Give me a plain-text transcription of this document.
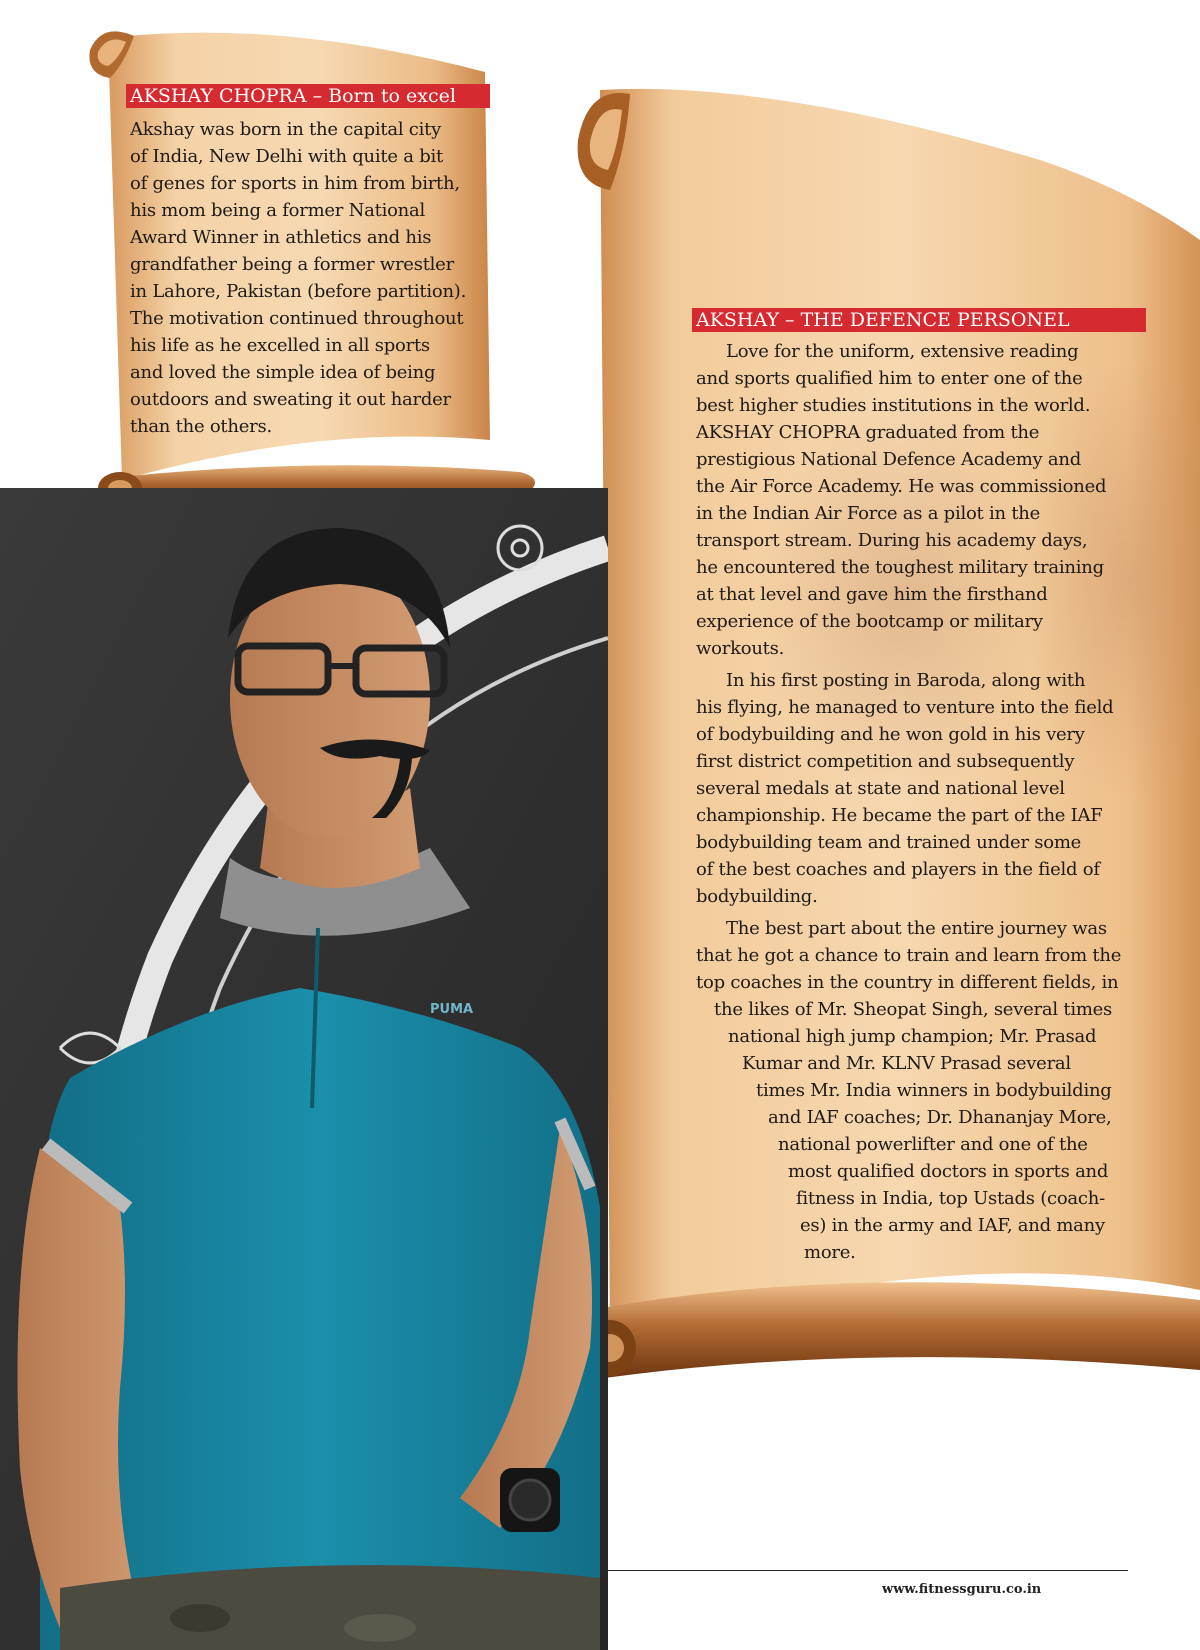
PUMA
AKSHAY CHOPRA – Born to excel
Akshay was born in the capital city
of India, New Delhi with quite a bit
of genes for sports in him from birth,
his mom being a former National
Award Winner in athletics and his
grandfather being a former wrestler
in Lahore, Pakistan (before partition).
The motivation continued throughout
his life as he excelled in all sports
and loved the simple idea of being
outdoors and sweating it out harder
than the others.
AKSHAY – THE DEFENCE PERSONEL
Love for the uniform, extensive reading
and sports qualified him to enter one of the
best higher studies institutions in the world.
AKSHAY CHOPRA graduated from the
prestigious National Defence Academy and
the Air Force Academy. He was commissioned
in the Indian Air Force as a pilot in the
transport stream. During his academy days,
he encountered the toughest military training
at that level and gave him the firsthand
experience of the bootcamp or military
workouts.
In his first posting in Baroda, along with
his flying, he managed to venture into the field
of bodybuilding and he won gold in his very
first district competition and subsequently
several medals at state and national level
championship. He became the part of the IAF
bodybuilding team and trained under some
of the best coaches and players in the field of
bodybuilding.
The best part about the entire journey was
that he got a chance to train and learn from the
top coaches in the country in different fields, in
the likes of Mr. Sheopat Singh, several times
national high jump champion; Mr. Prasad
Kumar and Mr. KLNV Prasad several
times Mr. India winners in bodybuilding
and IAF coaches; Dr. Dhananjay More,
national powerlifter and one of the
most qualified doctors in sports and
fitness in India, top Ustads (coach-
es) in the army and IAF, and many
more.
www.fitnessguru.co.in
